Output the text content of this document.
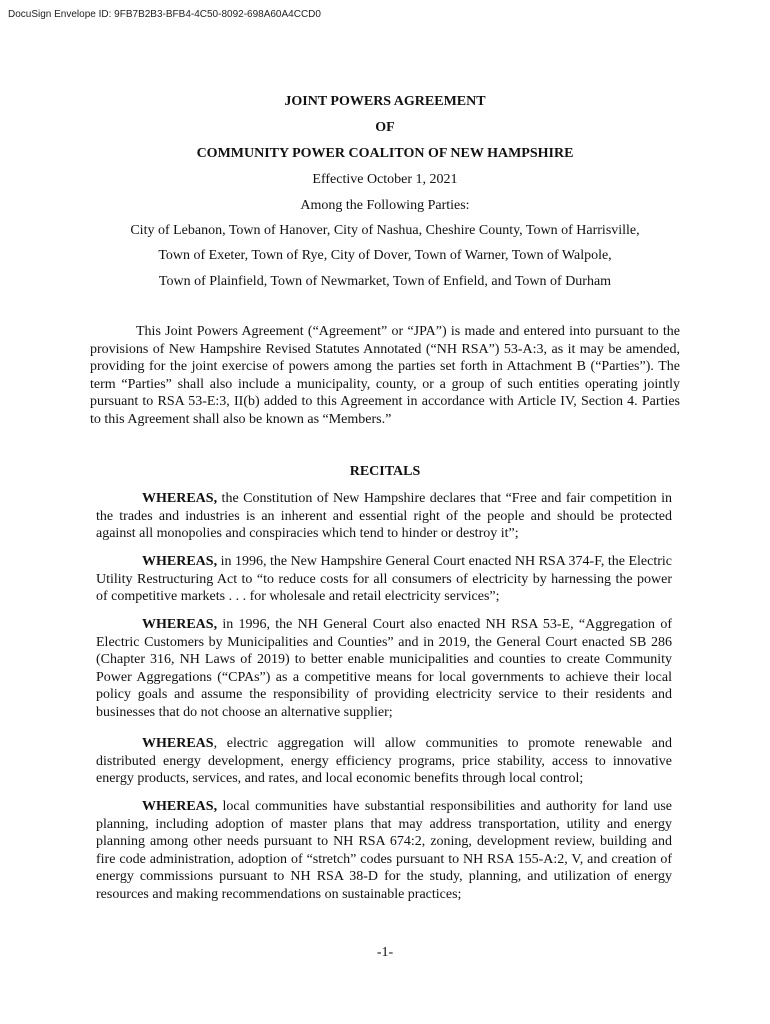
DocuSign Envelope ID: 9FB7B2B3-BFB4-4C50-8092-698A60A4CCD0
JOINT POWERS AGREEMENT
OF
COMMUNITY POWER COALITON OF NEW HAMPSHIRE
Effective October 1, 2021
Among the Following Parties:
City of Lebanon, Town of Hanover, City of Nashua, Cheshire County, Town of Harrisville,
Town of Exeter, Town of Rye, City of Dover, Town of Warner, Town of Walpole,
Town of Plainfield, Town of Newmarket, Town of Enfield, and Town of Durham
This Joint Powers Agreement (“Agreement” or “JPA”) is made and entered into pursuant to the provisions of New Hampshire Revised Statutes Annotated (“NH RSA”) 53-A:3, as it may be amended, providing for the joint exercise of powers among the parties set forth in Attachment B (“Parties”). The term “Parties” shall also include a municipality, county, or a group of such entities operating jointly pursuant to RSA 53-E:3, II(b) added to this Agreement in accordance with Article IV, Section 4. Parties to this Agreement shall also be known as “Members.”
RECITALS
WHEREAS, the Constitution of New Hampshire declares that “Free and fair competition in the trades and industries is an inherent and essential right of the people and should be protected against all monopolies and conspiracies which tend to hinder or destroy it”;
WHEREAS, in 1996, the New Hampshire General Court enacted NH RSA 374-F, the Electric Utility Restructuring Act to “to reduce costs for all consumers of electricity by harnessing the power of competitive markets . . . for wholesale and retail electricity services”;
WHEREAS, in 1996, the NH General Court also enacted NH RSA 53-E, “Aggregation of Electric Customers by Municipalities and Counties” and in 2019, the General Court enacted SB 286 (Chapter 316, NH Laws of 2019) to better enable municipalities and counties to create Community Power Aggregations (“CPAs”) as a competitive means for local governments to achieve their local policy goals and assume the responsibility of providing electricity service to their residents and businesses that do not choose an alternative supplier;
WHEREAS, electric aggregation will allow communities to promote renewable and distributed energy development, energy efficiency programs, price stability, access to innovative energy products, services, and rates, and local economic benefits through local control;
WHEREAS, local communities have substantial responsibilities and authority for land use planning, including adoption of master plans that may address transportation, utility and energy planning among other needs pursuant to NH RSA 674:2, zoning, development review, building and fire code administration, adoption of “stretch” codes pursuant to NH RSA 155-A:2, V, and creation of energy commissions pursuant to NH RSA 38-D for the study, planning, and utilization of energy resources and making recommendations on sustainable practices;
-1-
